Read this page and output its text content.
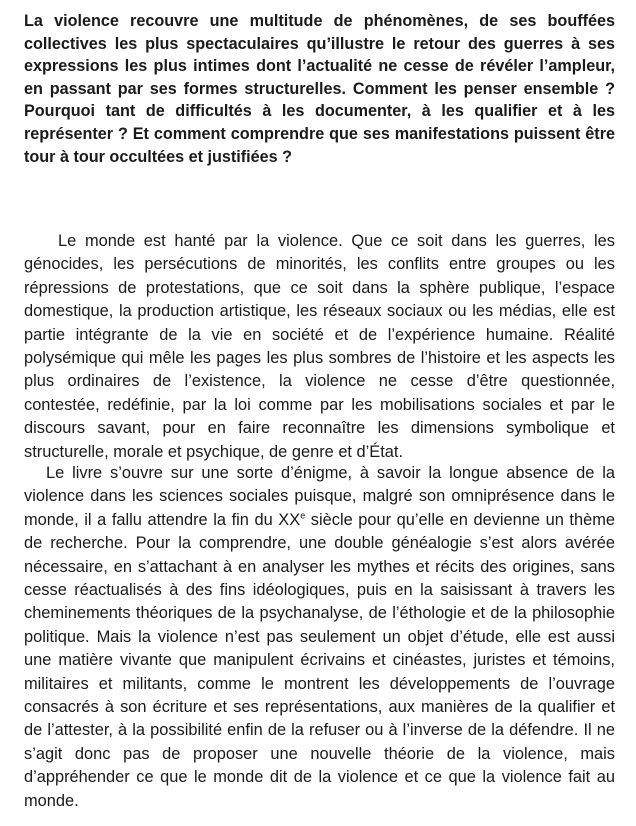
La violence recouvre une multitude de phénomènes, de ses bouffées collectives les plus spectaculaires qu’illustre le retour des guerres à ses expressions les plus intimes dont l’actualité ne cesse de révéler l’ampleur, en passant par ses formes structurelles. Comment les penser ensemble ? Pourquoi tant de difficultés à les documenter, à les qualifier et à les représenter ? Et comment comprendre que ses manifestations puissent être tour à tour occultées et justifiées ?

Le monde est hanté par la violence. Que ce soit dans les guerres, les génocides, les persécutions de minorités, les conflits entre groupes ou les répressions de protestations, que ce soit dans la sphère publique, l’espace domestique, la production artistique, les réseaux sociaux ou les médias, elle est partie intégrante de la vie en société et de l’expérience humaine. Réalité polysémique qui mêle les pages les plus sombres de l’histoire et les aspects les plus ordinaires de l’existence, la violence ne cesse d’être questionnée, contestée, redéfinie, par la loi comme par les mobilisations sociales et par le discours savant, pour en faire reconnaître les dimensions symbolique et structurelle, morale et psychique, de genre et d’État.

Le livre s’ouvre sur une sorte d’énigme, à savoir la longue absence de la violence dans les sciences sociales puisque, malgré son omniprésence dans le monde, il a fallu attendre la fin du XXe siècle pour qu’elle en devienne un thème de recherche. Pour la comprendre, une double généalogie s’est alors avérée nécessaire, en s’attachant à en analyser les mythes et récits des origines, sans cesse réactualisés à des fins idéologiques, puis en la saisissant à travers les cheminements théoriques de la psychanalyse, de l’éthologie et de la philosophie politique. Mais la violence n’est pas seulement un objet d’étude, elle est aussi une matière vivante que manipulent écrivains et cinéastes, juristes et témoins, militaires et militants, comme le montrent les développements de l’ouvrage consacrés à son écriture et ses représentations, aux manières de la qualifier et de l’attester, à la possibilité enfin de la refuser ou à l’inverse de la défendre. Il ne s’agit donc pas de proposer une nouvelle théorie de la violence, mais d’appréhender ce que le monde dit de la violence et ce que la violence fait au monde.
